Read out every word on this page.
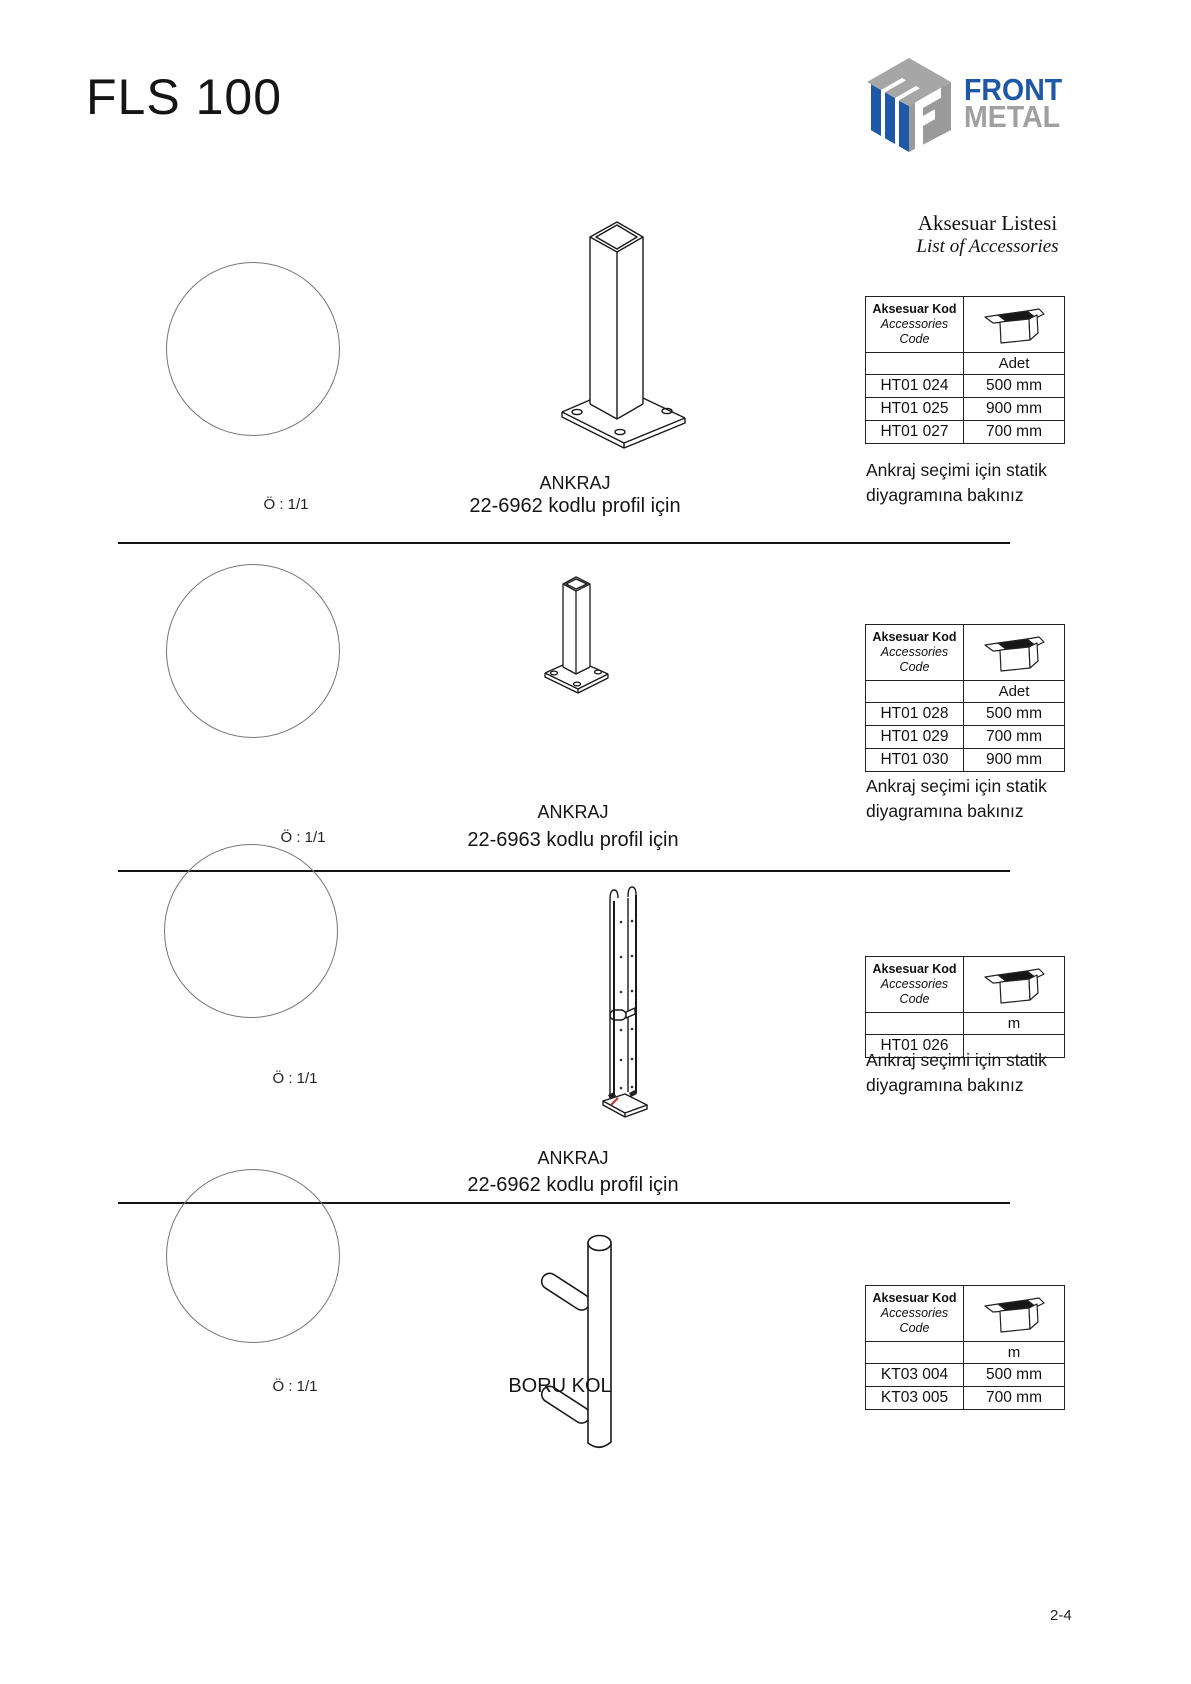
FLS 100	FRONT
METAL
Aksesuar Listesi
List of Accessories
Ö : 1/1
ANKRAJ
22-6962 kodlu profil için
Aksesuar Kod
Accessories Code
Adet
HT01 024	500 mm
HT01 025	900 mm
HT01 027	700 mm
Ankraj seçimi için statik
diyagramına bakınız
Ö : 1/1
ANKRAJ
22-6963 kodlu profil için
Aksesuar Kod
Accessories Code
Adet
HT01 028	500 mm
HT01 029	700 mm
HT01 030	900 mm
Ankraj seçimi için statik
diyagramına bakınız
Ö : 1/1
ANKRAJ
22-6962 kodlu profil için
Aksesuar Kod
Accessories Code
m
HT01 026
Ankraj seçimi için statik
diyagramına bakınız
Ö : 1/1	BORU KOL
Aksesuar Kod
Accessories Code
m
KT03 004	500 mm
KT03 005	700 mm
2-4
